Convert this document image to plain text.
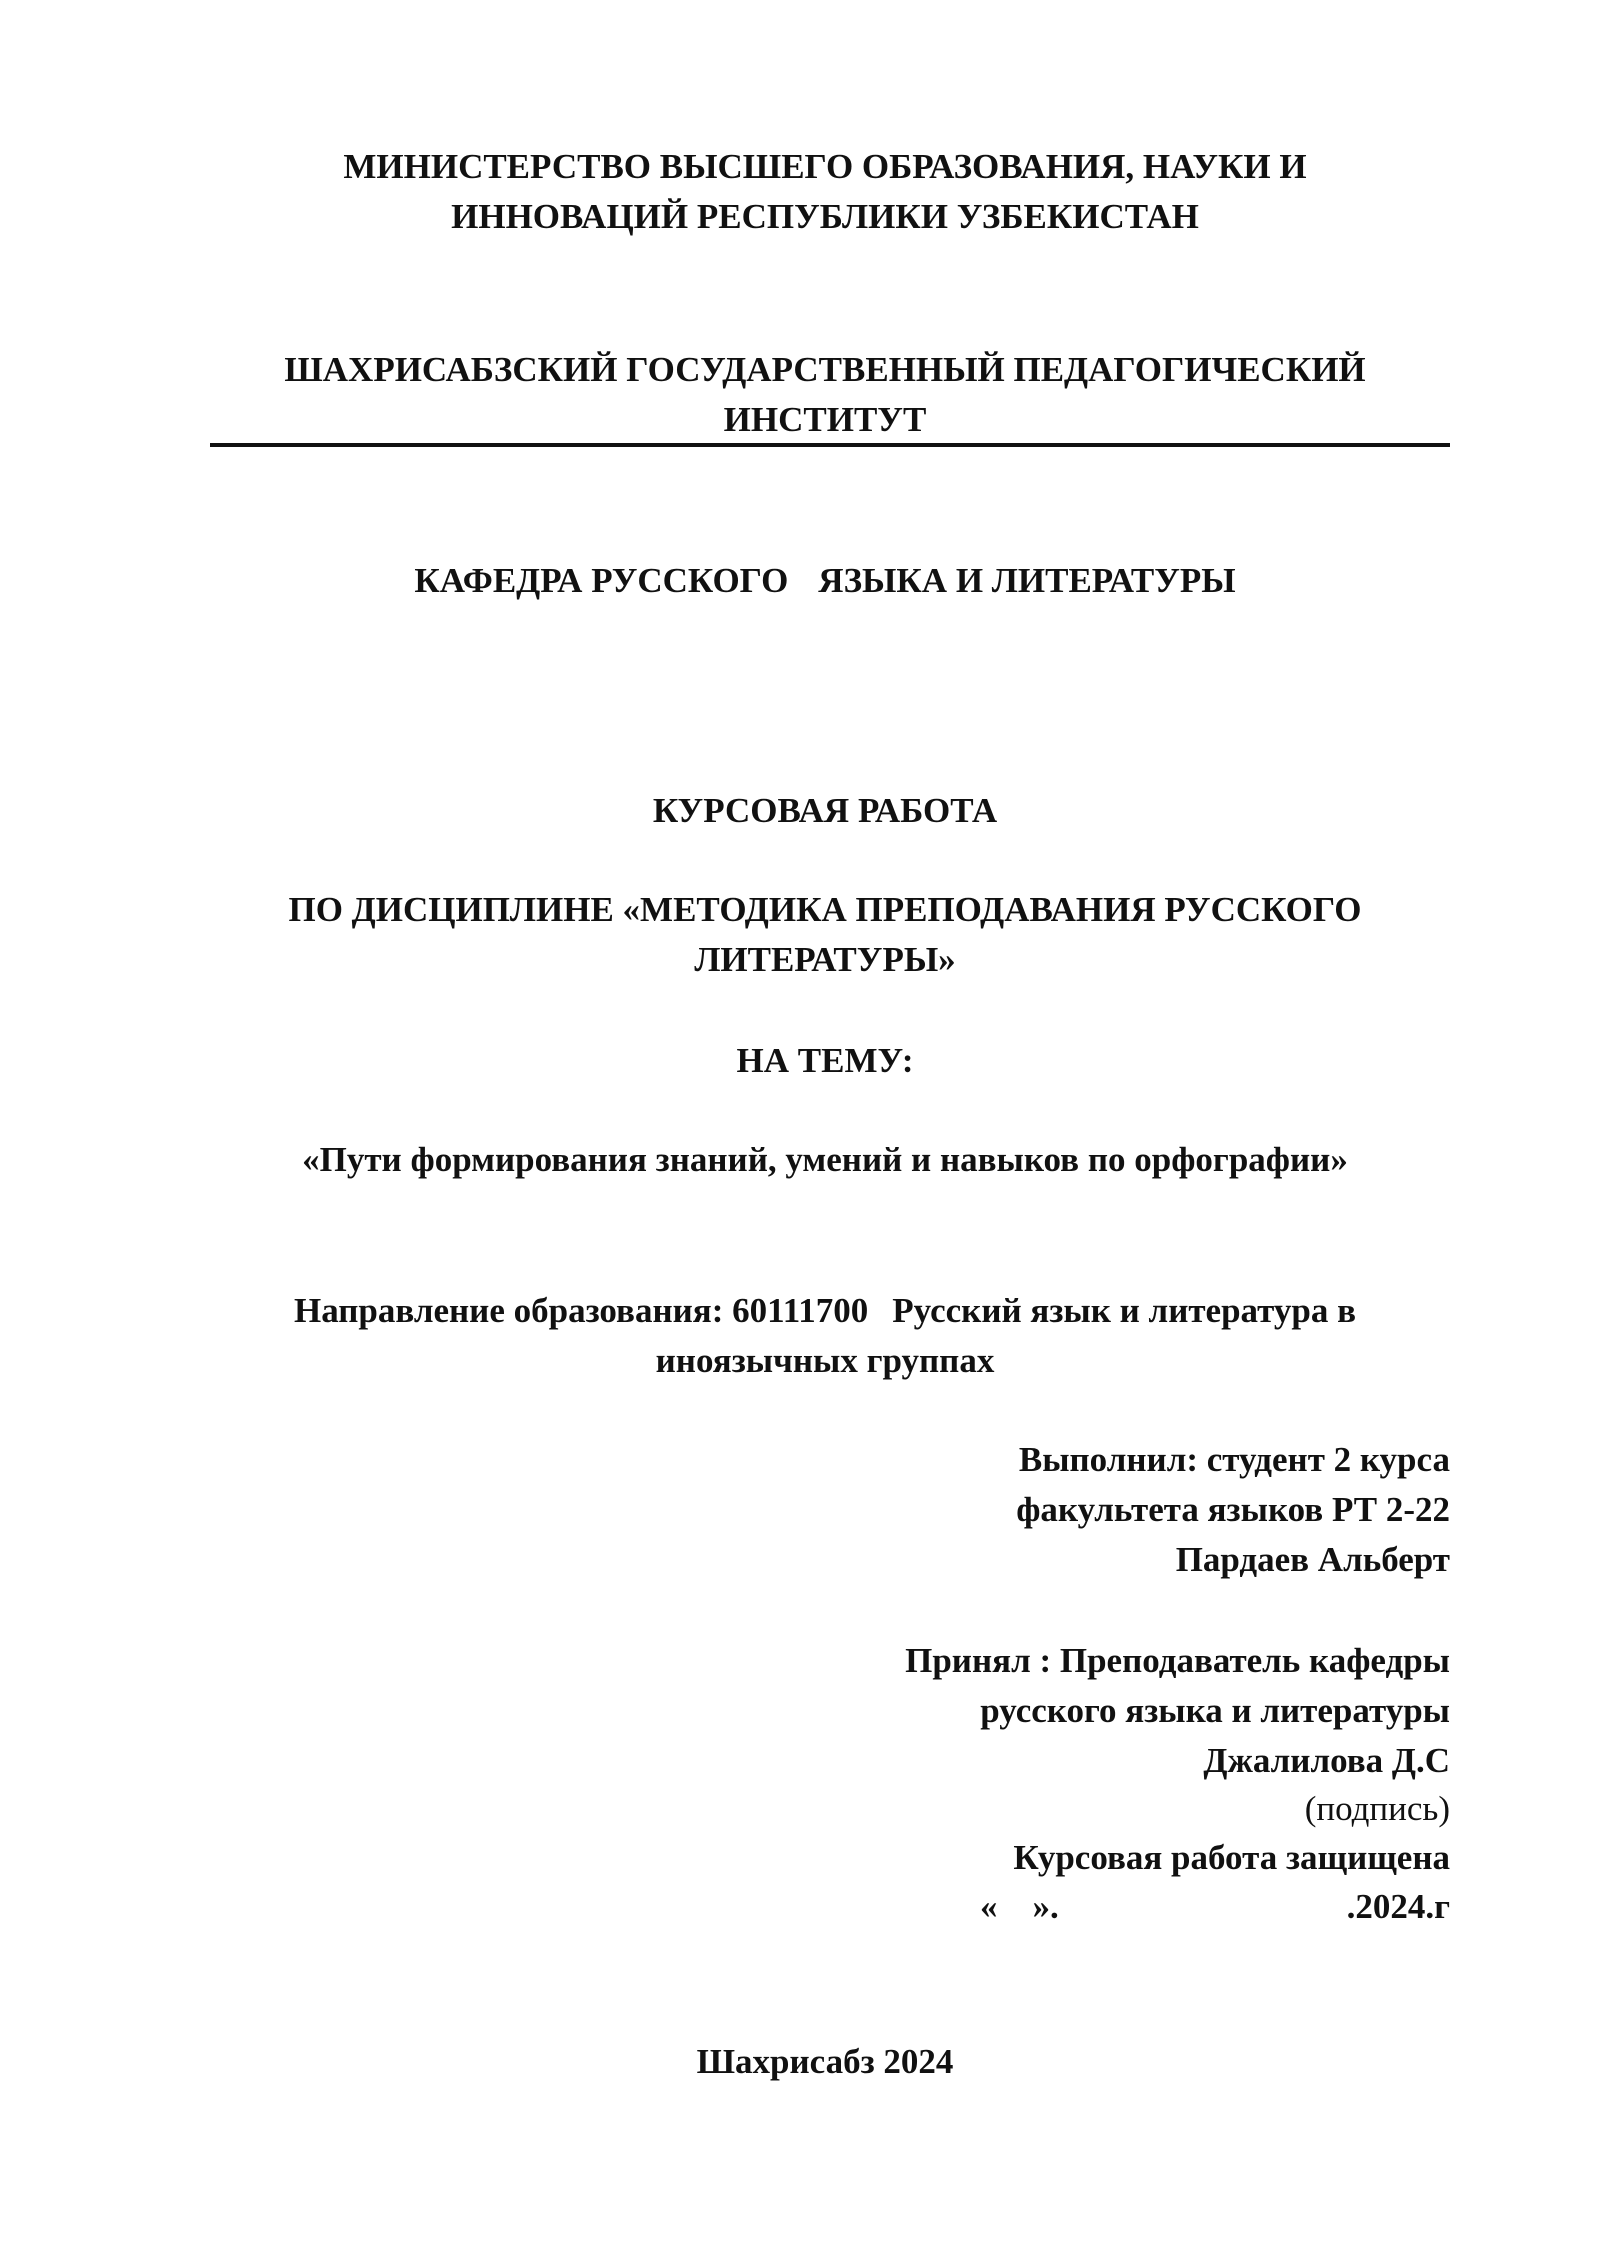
МИНИСТЕРСТВО ВЫСШЕГО ОБРАЗОВАНИЯ, НАУКИ И
ИННОВАЦИЙ РЕСПУБЛИКИ УЗБЕКИСТАН
ШАХРИСАБЗСКИЙ ГОСУДАРСТВЕННЫЙ ПЕДАГОГИЧЕСКИЙ
ИНСТИТУТ
КАФЕДРА РУССКОГО ЯЗЫКА И ЛИТЕРАТУРЫ
КУРСОВАЯ РАБОТА
ПО ДИСЦИПЛИНЕ «МЕТОДИКА ПРЕПОДАВАНИЯ РУССКОГО
ЛИТЕРАТУРЫ»
НА ТЕМУ:
«Пути формирования знаний, умений и навыков по орфографии»
Направление образования: 60111700 Русский язык и литература в
иноязычных группах
Выполнил: студент 2 курса
факультета языков РТ 2-22
Пардаев Альберт
Принял : Преподаватель кафедры
русского языка и литературы
Джалилова Д.С
(подпись)
Курсовая работа защищена
«    ».	.2024.г
Шахрисабз 2024
